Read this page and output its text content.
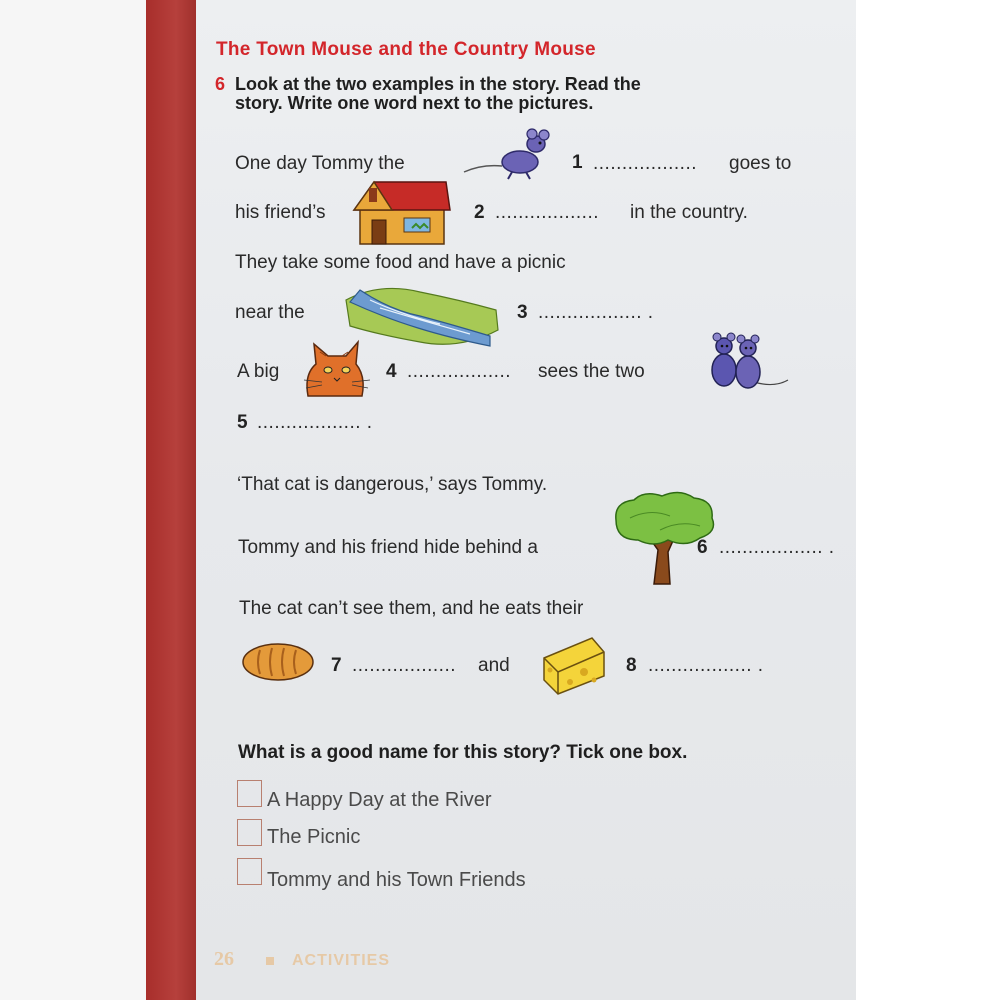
The Town Mouse and the Country Mouse
6 Look at the two examples in the story. Read the
story. Write one word next to the pictures.
One day Tommy the	1 .................. goes to
his friend’s	2 .................. in the country.
They take some food and have a picnic
near the	3 .................. .
A big	4 .................. sees the two
5 .................. .
‘That cat is dangerous,’ says Tommy.
Tommy and his friend hide behind a	6 .................. .
The cat can’t see them, and he eats their
7 .................. and	8 .................. .
What is a good name for this story? Tick one box.
A Happy Day at the River
The Picnic
Tommy and his Town Friends
26	ACTIVITIES
